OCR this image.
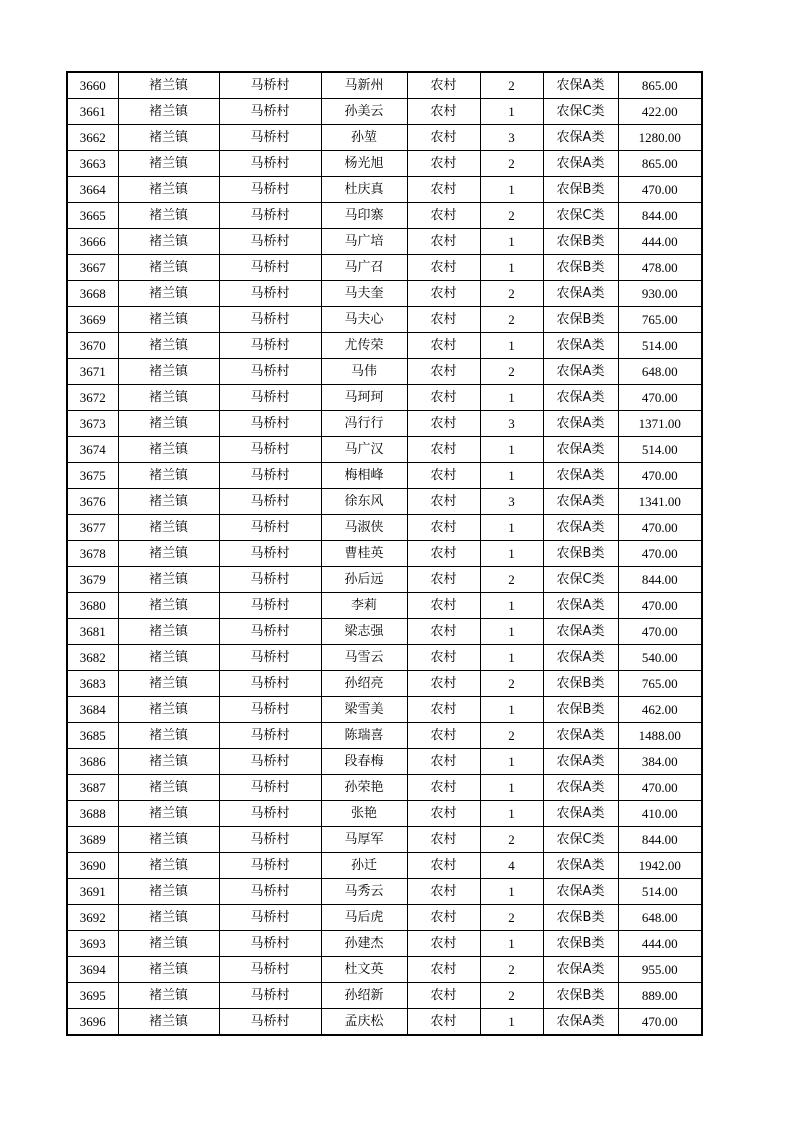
3660	褚兰镇	马桥村	马新州	农村	2	农保A类	865.00
3661	褚兰镇	马桥村	孙美云	农村	1	农保C类	422.00
3662	褚兰镇	马桥村	孙堃	农村	3	农保A类	1280.00
3663	褚兰镇	马桥村	杨光旭	农村	2	农保A类	865.00
3664	褚兰镇	马桥村	杜庆真	农村	1	农保B类	470.00
3665	褚兰镇	马桥村	马印寨	农村	2	农保C类	844.00
3666	褚兰镇	马桥村	马广培	农村	1	农保B类	444.00
3667	褚兰镇	马桥村	马广召	农村	1	农保B类	478.00
3668	褚兰镇	马桥村	马夫奎	农村	2	农保A类	930.00
3669	褚兰镇	马桥村	马夫心	农村	2	农保B类	765.00
3670	褚兰镇	马桥村	尤传荣	农村	1	农保A类	514.00
3671	褚兰镇	马桥村	马伟	农村	2	农保A类	648.00
3672	褚兰镇	马桥村	马珂珂	农村	1	农保A类	470.00
3673	褚兰镇	马桥村	冯行行	农村	3	农保A类	1371.00
3674	褚兰镇	马桥村	马广汉	农村	1	农保A类	514.00
3675	褚兰镇	马桥村	梅相峰	农村	1	农保A类	470.00
3676	褚兰镇	马桥村	徐东风	农村	3	农保A类	1341.00
3677	褚兰镇	马桥村	马淑侠	农村	1	农保A类	470.00
3678	褚兰镇	马桥村	曹桂英	农村	1	农保B类	470.00
3679	褚兰镇	马桥村	孙后远	农村	2	农保C类	844.00
3680	褚兰镇	马桥村	李莉	农村	1	农保A类	470.00
3681	褚兰镇	马桥村	梁志强	农村	1	农保A类	470.00
3682	褚兰镇	马桥村	马雪云	农村	1	农保A类	540.00
3683	褚兰镇	马桥村	孙绍亮	农村	2	农保B类	765.00
3684	褚兰镇	马桥村	梁雪美	农村	1	农保B类	462.00
3685	褚兰镇	马桥村	陈瑞喜	农村	2	农保A类	1488.00
3686	褚兰镇	马桥村	段春梅	农村	1	农保A类	384.00
3687	褚兰镇	马桥村	孙荣艳	农村	1	农保A类	470.00
3688	褚兰镇	马桥村	张艳	农村	1	农保A类	410.00
3689	褚兰镇	马桥村	马厚军	农村	2	农保C类	844.00
3690	褚兰镇	马桥村	孙迁	农村	4	农保A类	1942.00
3691	褚兰镇	马桥村	马秀云	农村	1	农保A类	514.00
3692	褚兰镇	马桥村	马后虎	农村	2	农保B类	648.00
3693	褚兰镇	马桥村	孙建杰	农村	1	农保B类	444.00
3694	褚兰镇	马桥村	杜文英	农村	2	农保A类	955.00
3695	褚兰镇	马桥村	孙绍新	农村	2	农保B类	889.00
3696	褚兰镇	马桥村	孟庆松	农村	1	农保A类	470.00
